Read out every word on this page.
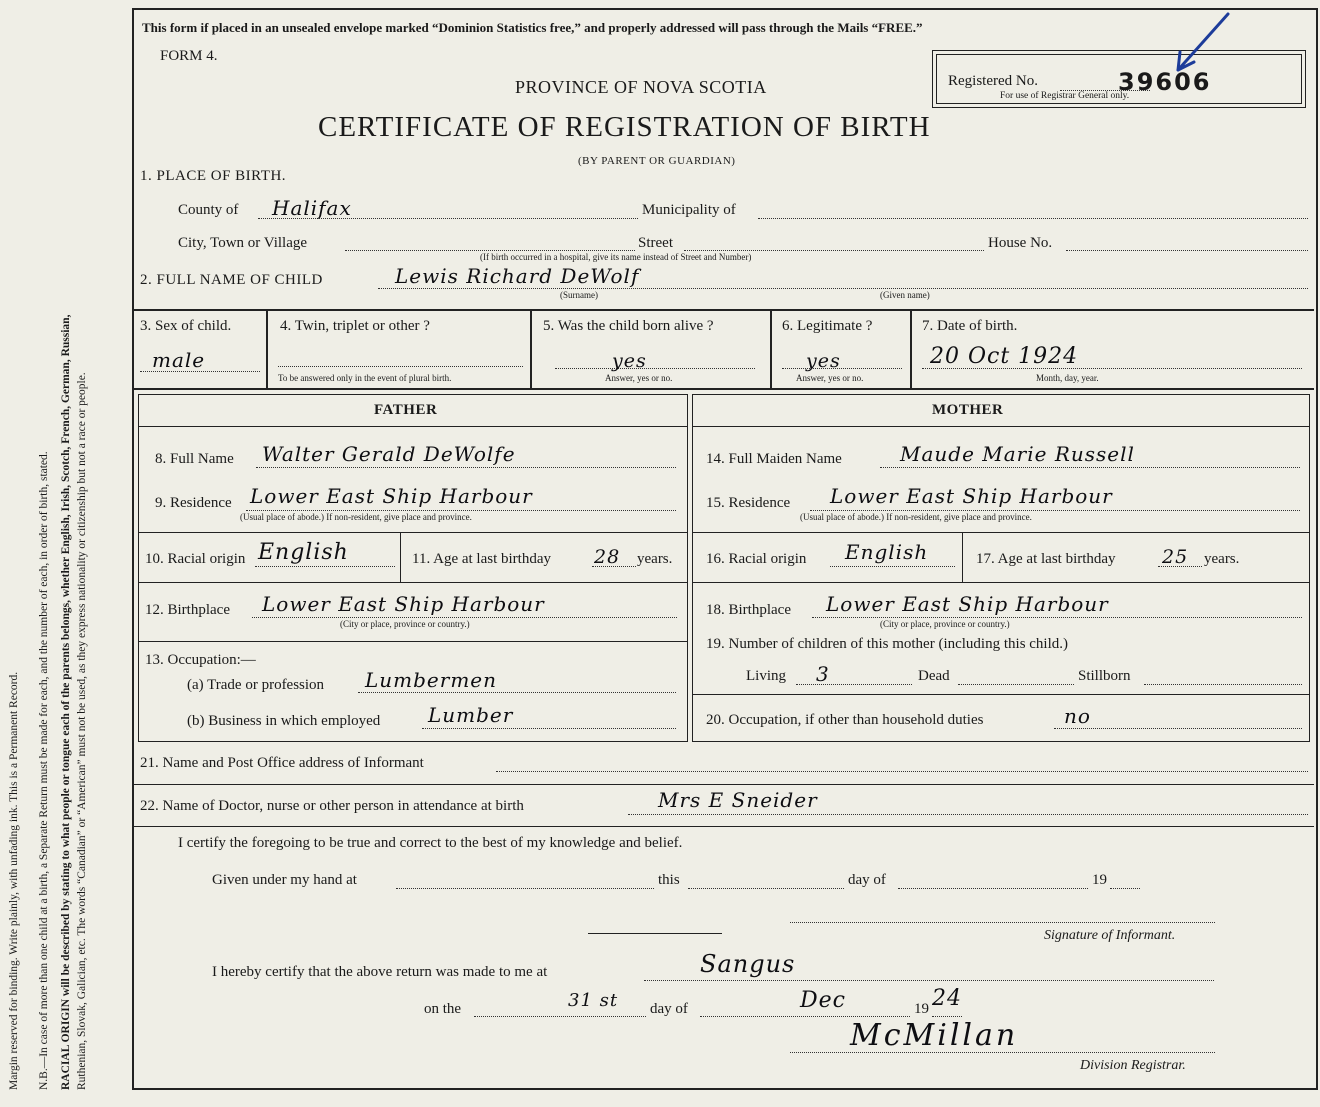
Margin reserved for binding. Write plainly, with unfading ink. This is a Permanent Record. N.B.—In case of more than one child at a birth, a Separate Return must be made for each, and the number of each, in order of birth, stated. RACIAL ORIGIN will be described by stating to what people or tongue each of the parents belongs, whether English, Irish, Scotch, French, German, Russian, Ruthenian, Slovak, Galician, etc. The words “Canadian” or “American” must not be used, as they express nationality or citizenship but not a race or people.
This form if placed in an unsealed envelope marked “Dominion Statistics free,” and properly addressed will pass through the Mails “FREE.”
FORM 4.
PROVINCE OF NOVA SCOTIA
CERTIFICATE OF REGISTRATION OF BIRTH
(BY PARENT OR GUARDIAN)
Registered No.	39606
For use of Registrar General only.
1. PLACE OF BIRTH.
County of Halifax	Municipality of
City, Town or Village	Street	House No.
(If birth occurred in a hospital, give its name instead of Street and Number)
2. FULL NAME OF CHILD	Lewis Richard DeWolf
(Surname)	(Given name)
3. Sex of child.
male
4. Twin, triplet or other ?
To be answered only in the event of plural birth.
5. Was the child born alive ?
yes
Answer, yes or no.
6. Legitimate ?
yes
Answer, yes or no.
7. Date of birth.
20 Oct 1924
Month, day, year.
FATHER	MOTHER
8. Full Name Walter Gerald DeWolfe
9. Residence Lower East Ship Harbour
(Usual place of abode.) If non-resident, give place and province.
10. Racial origin English	11. Age at last birthday 28 years.
12. Birthplace Lower East Ship Harbour
(City or place, province or country.)
13. Occupation:—
(a) Trade or profession Lumbermen
(b) Business in which employed Lumber
14. Full Maiden Name	Maude Marie Russell
15. Residence Lower East Ship Harbour
(Usual place of abode.) If non-resident, give place and province.
16. Racial origin English	17. Age at last birthday 25 years.
18. Birthplace Lower East Ship Harbour
(City or place, province or country.)
19. Number of children of this mother (including this child.)
Living 3	Dead	Stillborn
20. Occupation, if other than household duties	no
21. Name and Post Office address of Informant
22. Name of Doctor, nurse or other person in attendance at birth	Mrs E Sneider
I certify the foregoing to be true and correct to the best of my knowledge and belief.
Given under my hand at	this	day of	19
Signature of Informant.
I hereby certify that the above return was made to me at	Sangus
on the	31 st day of	Dec	19 24
McMillan
Division Registrar.
